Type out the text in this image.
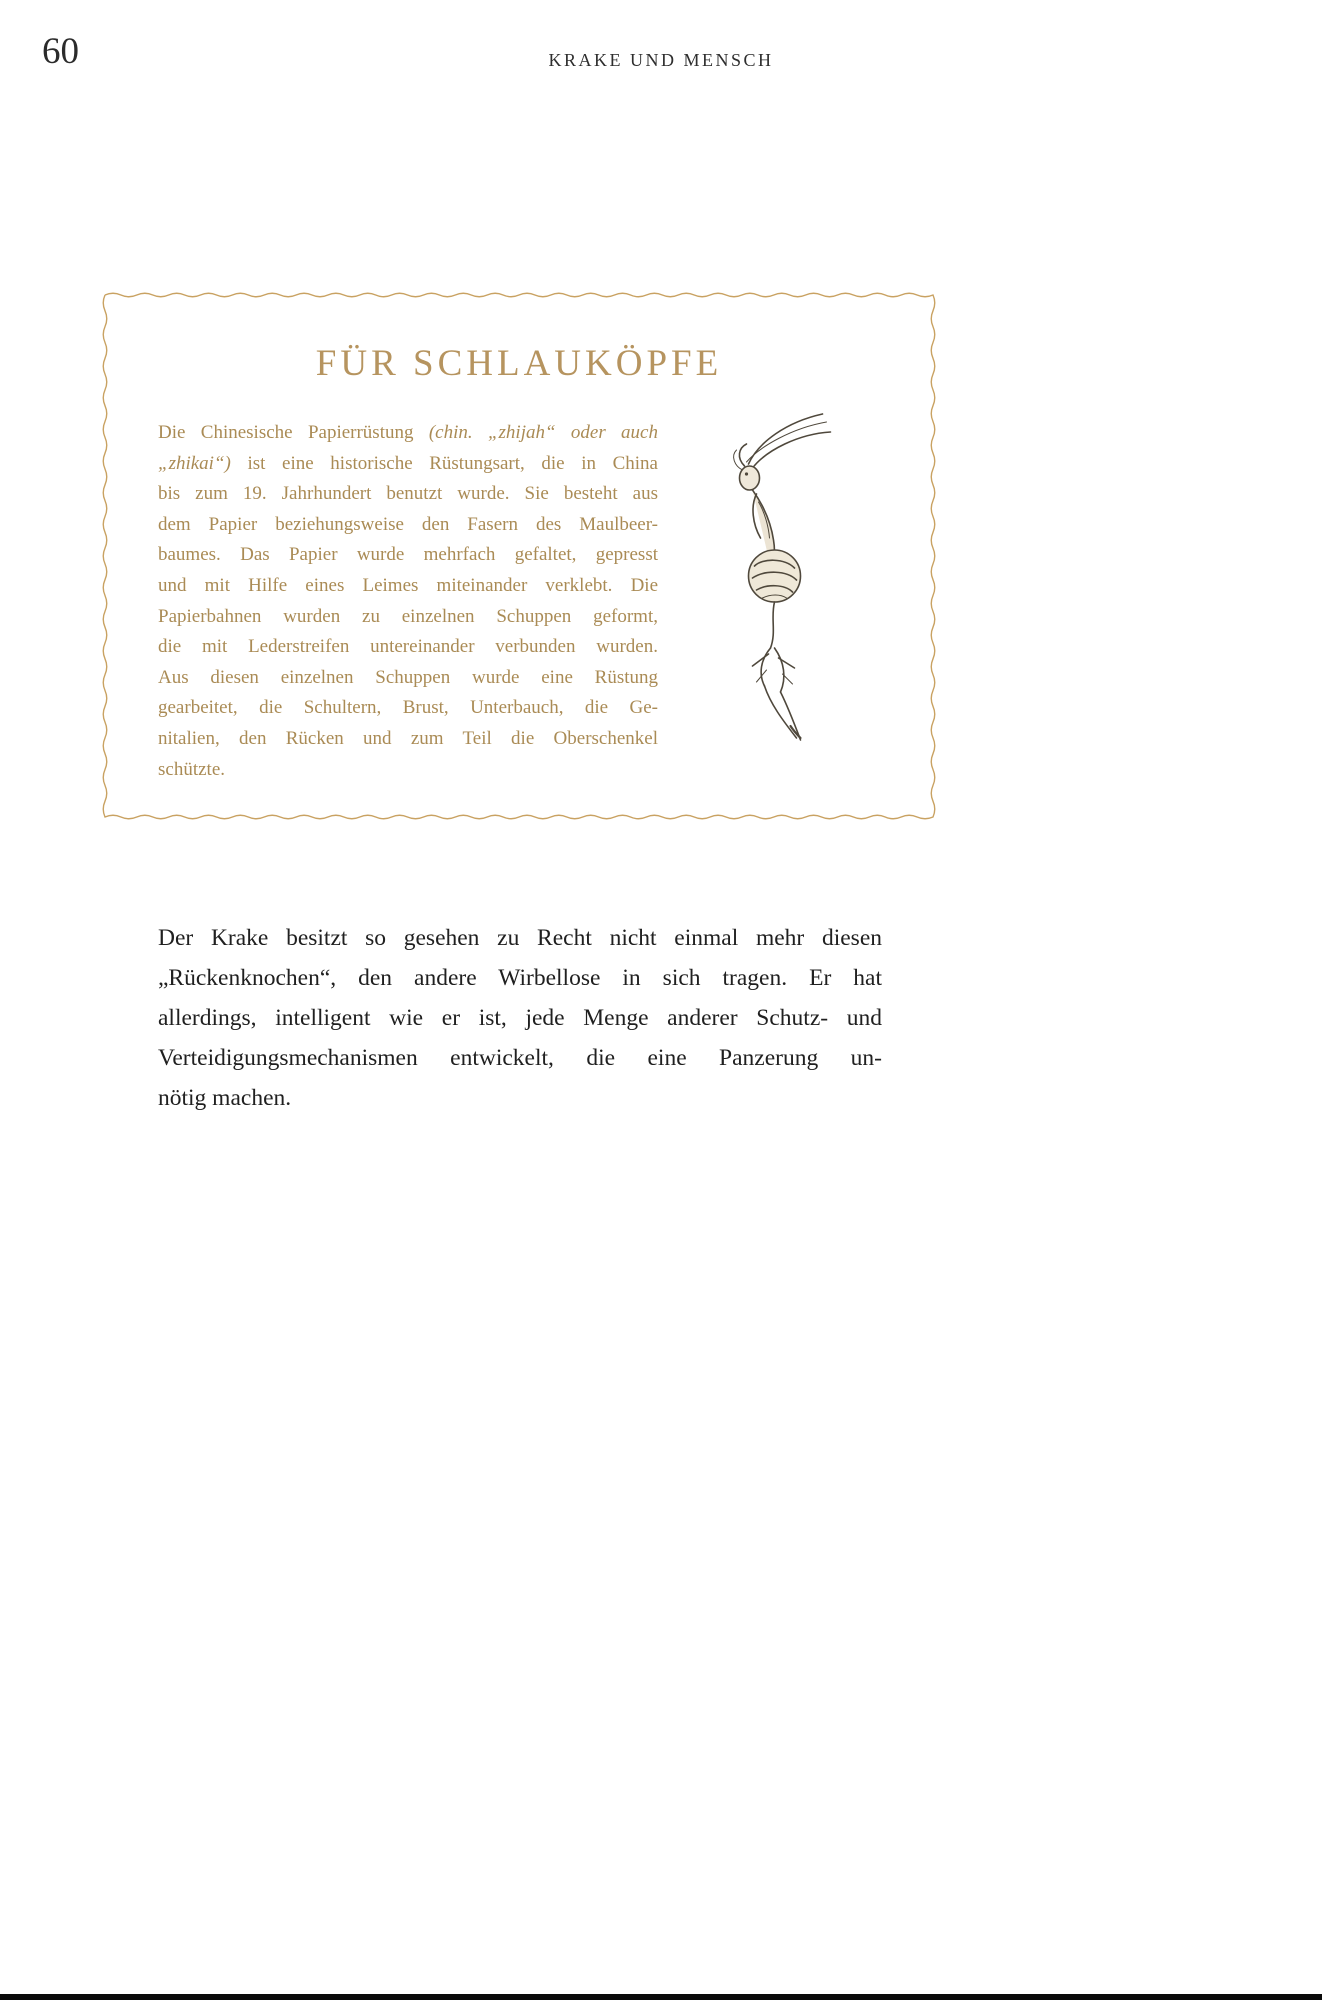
60	KRAKE UND MENSCH
FÜR SCHLAUKÖPFE
Die Chinesische Papierrüstung (chin. „zhijah“ oder auch
„zhikai“) ist eine historische Rüstungsart, die in China
bis zum 19. Jahrhundert benutzt wurde. Sie besteht aus
dem Papier beziehungsweise den Fasern des Maulbeer-
baumes. Das Papier wurde mehrfach gefaltet, gepresst
und mit Hilfe eines Leimes miteinander verklebt. Die
Papierbahnen wurden zu einzelnen Schuppen geformt,
die mit Lederstreifen untereinander verbunden wurden.
Aus diesen einzelnen Schuppen wurde eine Rüstung
gearbeitet, die Schultern, Brust, Unterbauch, die Ge-
nitalien, den Rücken und zum Teil die Oberschenkel
schützte.
Der Krake besitzt so gesehen zu Recht nicht einmal mehr diesen
„Rückenknochen“, den andere Wirbellose in sich tragen. Er hat
allerdings, intelligent wie er ist, jede Menge anderer Schutz- und
Verteidigungsmechanismen entwickelt, die eine Panzerung un-
nötig machen.
